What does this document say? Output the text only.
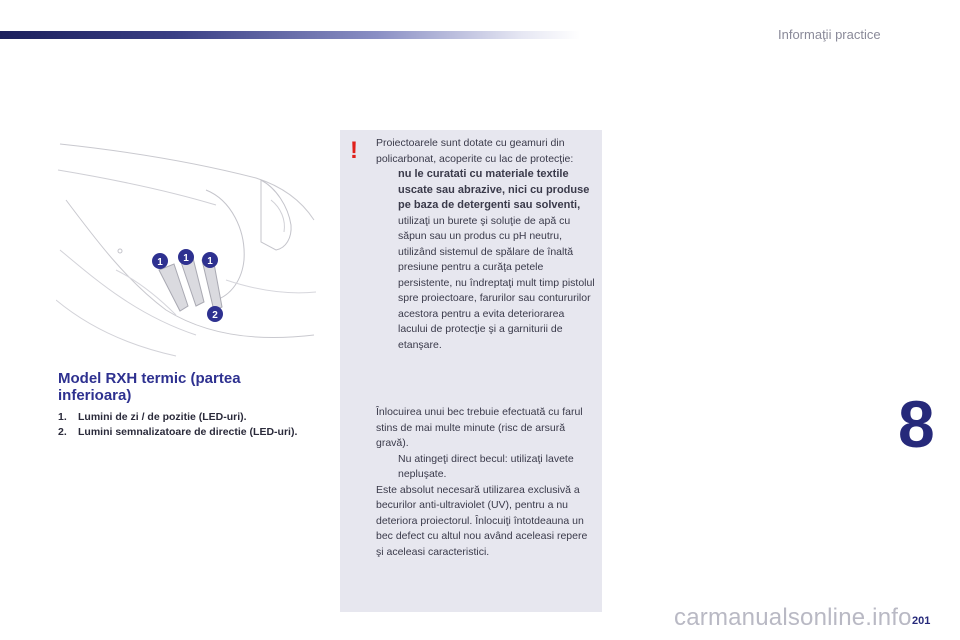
Informaţii practice
1 1 1
2
Model RXH termic (partea inferioara)
1.	Lumini de zi / de pozitie (LED-uri).
2.	Lumini semnalizatoare de directie (LED-uri).
! Proiectoarele sunt dotate cu geamuri din policarbonat, acoperite cu lac de protecţie:

nu le curatati cu materiale textile uscate sau abrazive, nici cu produse pe baza de detergenti sau solventi,
utilizaţi un burete şi soluţie de apă cu săpun sau un produs cu pH neutru,
utilizând sistemul de spălare de înaltă presiune pentru a curăţa petele persistente, nu îndreptaţi mult timp pistolul spre proiectoare, farurilor sau contururilor acestora pentru a evita deteriorarea lacului de protecţie şi a garniturii de etanşare.

Înlocuirea unui bec trebuie efectuată cu farul stins de mai multe minute (risc de arsură gravă).

Nu atingeţi direct becul: utilizaţi lavete nepluşate.

Este absolut necesară utilizarea exclusivă a becurilor anti-ultraviolet (UV), pentru a nu deteriora proiectorul. Înlocuiţi întotdeauna un bec defect cu altul nou având aceleasi repere şi aceleasi caracteristici.

8
201
carmanualsonline.info
